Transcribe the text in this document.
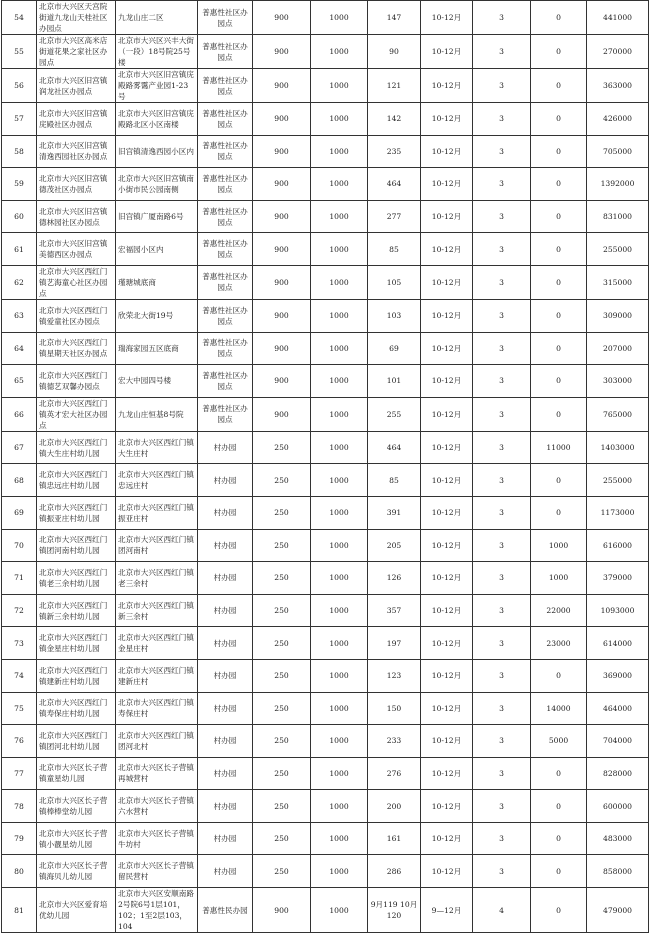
54	北京市大兴区天宫院街道九龙山天桂社区办园点	九龙山庄二区	普惠性社区办园点	900	1000	147	10-12月	3	0	441000
55	北京市大兴区高米店街道花果之家社区办园点	北京市大兴区兴丰大街（一段）18号院25号楼	普惠性社区办园点	900	1000	90	10-12月	3	0	270000
56	北京市大兴区旧宫镇润龙社区办园点	北京市大兴区旧宫镇庑殿路雾霭产业园1-23号	普惠性社区办园点	900	1000	121	10-12月	3	0	363000
57	北京市大兴区旧宫镇庑殿社区办园点	北京市大兴区旧宫镇庑殿路北区小区南楼	普惠性社区办园点	900	1000	142	10-12月	3	0	426000
58	北京市大兴区旧宫镇清逸西园社区办园点	旧宫镇清逸西园小区内	普惠性社区办园点	900	1000	235	10-12月	3	0	705000
59	北京市大兴区旧宫镇德茂社区办园点	北京市大兴区旧宫镇南小街市民公园南侧	普惠性社区办园点	900	1000	464	10-12月	3	0	1392000
60	北京市大兴区旧宫镇德林园社区办园点	旧宫镇广厦南路6号	普惠性社区办园点	900	1000	277	10-12月	3	0	831000
61	北京市大兴区旧宫镇美德西区办园点	宏福园小区内	普惠性社区办园点	900	1000	85	10-12月	3	0	255000
62	北京市大兴区西红门镇艺海童心社区办园点	瑾瑭城底商	普惠性社区办园点	900	1000	105	10-12月	3	0	315000
63	北京市大兴区西红门镇爱童社区办园点	欣荣北大街19号	普惠性社区办园点	900	1000	103	10-12月	3	0	309000
64	北京市大兴区西红门镇星期天社区办园点	瑞海家园五区底商	普惠性社区办园点	900	1000	69	10-12月	3	0	207000
65	北京市大兴区西红门镇德艺双馨办园点	宏大中园四号楼	普惠性社区办园点	900	1000	101	10-12月	3	0	303000
66	北京市大兴区西红门镇英才宏大社区办园点	九龙山庄恒基8号院	普惠性社区办园点	900	1000	255	10-12月	3	0	765000
67	北京市大兴区西红门镇大生庄村幼儿园	北京市大兴区西红门镇大生庄村	村办园	250	1000	464	10-12月	3	11000	1403000
68	北京市大兴区西红门镇忠远庄村幼儿园	北京市大兴区西红门镇忠远庄村	村办园	250	1000	85	10-12月	3	0	255000
69	北京市大兴区西红门镇振亚庄村幼儿园	北京市大兴区西红门镇振亚庄村	村办园	250	1000	391	10-12月	3	0	1173000
70	北京市大兴区西红门镇团河南村幼儿园	北京市大兴区西红门镇团河南村	村办园	250	1000	205	10-12月	3	1000	616000
71	北京市大兴区西红门镇老三余村幼儿园	北京市大兴区西红门镇老三余村	村办园	250	1000	126	10-12月	3	1000	379000
72	北京市大兴区西红门镇新三余村幼儿园	北京市大兴区西红门镇新三余村	村办园	250	1000	357	10-12月	3	22000	1093000
73	北京市大兴区西红门镇金星庄村幼儿园	北京市大兴区西红门镇金星庄村	村办园	250	1000	197	10-12月	3	23000	614000
74	北京市大兴区西红门镇建新庄村幼儿园	北京市大兴区西红门镇建新庄村	村办园	250	1000	123	10-12月	3	0	369000
75	北京市大兴区西红门镇寿保庄村幼儿园	北京市大兴区西红门镇寿保庄村	村办园	250	1000	150	10-12月	3	14000	464000
76	北京市大兴区西红门镇团河北村幼儿园	北京市大兴区西红门镇团河北村	村办园	250	1000	233	10-12月	3	5000	704000
77	北京市大兴区长子营镇童星幼儿园	北京市大兴区长子营镇再城营村	村办园	250	1000	276	10-12月	3	0	828000
78	北京市大兴区长子营镇棒棒堂幼儿园	北京市大兴区长子营镇六水营村	村办园	250	1000	200	10-12月	3	0	600000
79	北京市大兴区长子营镇小靓星幼儿园	北京市大兴区长子营镇牛坊村	村办园	250	1000	161	10-12月	3	0	483000
80	北京市大兴区长子营镇海贝儿幼儿园	北京市大兴区长子营镇留民营村	村办园	250	1000	286	10-12月	3	0	858000
81	北京市大兴区爱育培优幼儿园	北京市大兴区安顺南路2号院6号1层101，102；1至2层103，104	普惠性民办园	900	1000	9月119 10月120	9—12月	4	0	479000
